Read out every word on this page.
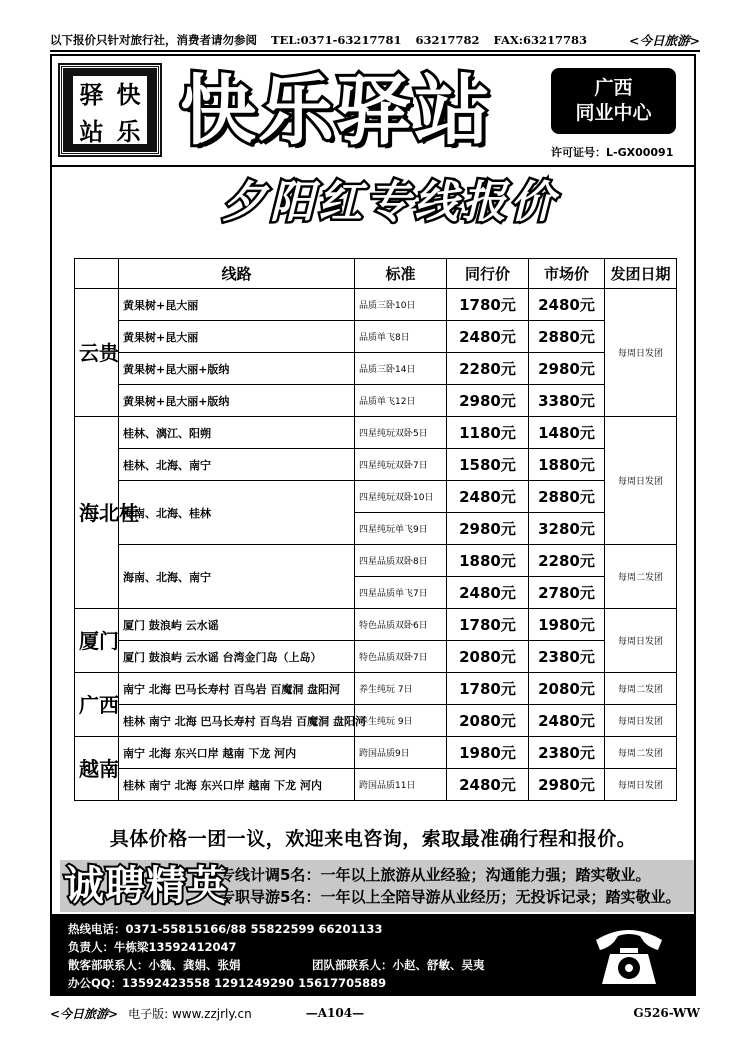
以下报价只针对旅行社，消费者请勿参阅 TEL:0371-63217781 63217782 FAX:63217783	<今日旅游>
驿 快
站 乐 快乐驿站	广西
同业中心
许可证号：L-GX00091
夕阳红专线报价
	线路	标准	同行价	市场价	发团日期
云贵	黄果树+昆大丽	品质三卧10日	1780元	2480元	每周日发团
	黄果树+昆大丽	品质单飞8日	2480元	2880元	
	黄果树+昆大丽+版纳	品质三卧14日	2280元	2980元	
	黄果树+昆大丽+版纳	品质单飞12日	2980元	3380元	
海北桂	桂林、漓江、阳朔	四星纯玩双卧5日	1180元	1480元	每周日发团
	桂林、北海、南宁	四星纯玩双卧7日	1580元	1880元	
	海南、北海、桂林	四星纯玩双卧10日	2480元	2880元	
		四星纯玩单飞9日	2980元	3280元	
	海南、北海、南宁	四星品质双卧8日	1880元	2280元	每周二发团
		四星品质单飞7日	2480元	2780元	
厦门	厦门 鼓浪屿 云水谣	特色品质双卧6日	1780元	1980元	每周日发团
	厦门 鼓浪屿 云水谣 台湾金门岛（上岛）	特色品质双卧7日	2080元	2380元	
广西	南宁 北海 巴马长寿村 百鸟岩 百魔洞 盘阳河	养生纯玩 7日	1780元	2080元	每周二发团
	桂林 南宁 北海 巴马长寿村 百鸟岩 百魔洞 盘阳河	养生纯玩 9日	2080元	2480元	每周日发团
越南	南宁 北海 东兴口岸 越南 下龙 河内	跨国品质9日	1980元	2380元	每周二发团
	桂林 南宁 北海 东兴口岸 越南 下龙 河内	跨国品质11日	2480元	2980元	每周日发团
具体价格一团一议，欢迎来电咨询，索取最准确行程和报价。
诚聘精英
专线计调5名：一年以上旅游从业经验；沟通能力强；踏实敬业。
专职导游5名：一年以上全陪导游从业经历；无投诉记录；踏实敬业。
热线电话：0371-55815166/88 55822599 66201133
负责人：牛栋梁13592412047
散客部联系人：小魏、龚娟、张娟	团队部联系人：小赵、舒敏、吴夷
办公QQ：13592423558 1291249290 15617705889
<今日旅游> 电子版: www.zzjrly.cn	—A104—	G526-WW
